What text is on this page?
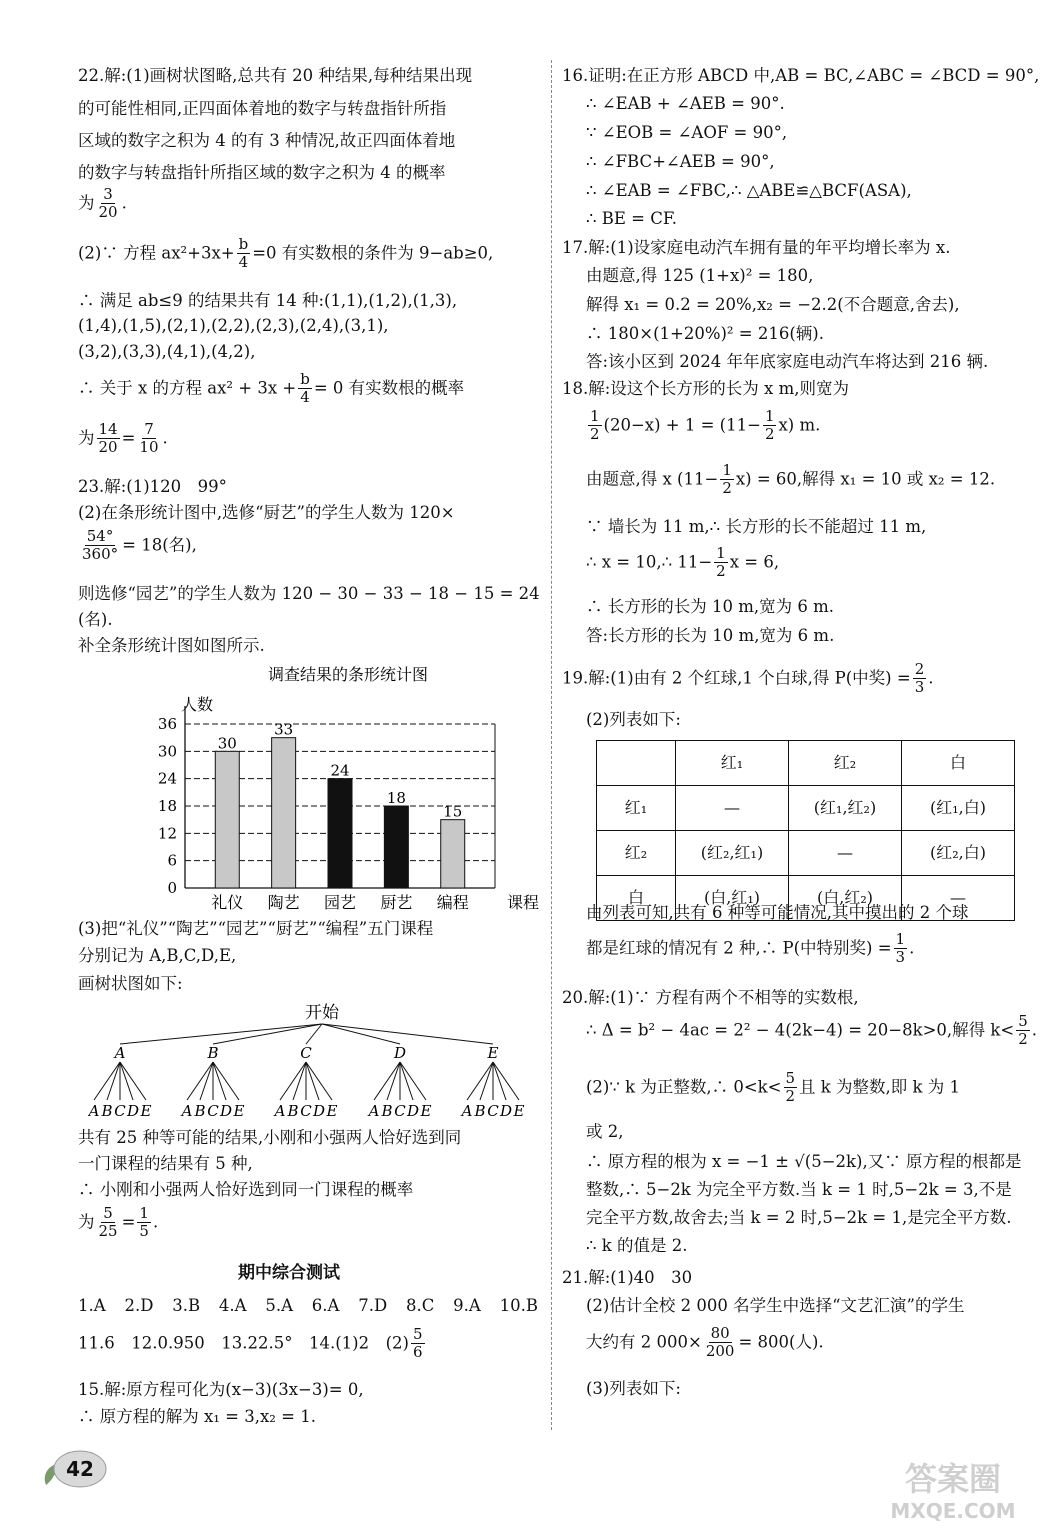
22.解:(1)画树状图略,总共有 20 种结果,每种结果出现
的可能性相同,正四面体着地的数字与转盘指针所指
区域的数字之积为 4 的有 3 种情况,故正四面体着地
的数字与转盘指针所指区域的数字之积为 4 的概率
为 $\frac{3}{20}$ .
(2)∵ 方程 $ax^2+3x+ \frac{b}{4} =0$ 有实数根的条件为 9−ab≥0,
∴ 满足 ab≤9 的结果共有 14 种:(1,1),(1,2),(1,3),
(1,4),(1,5),(2,1),(2,2),(2,3),(2,4),(3,1),
(3,2),(3,3),(4,1),(4,2),
∴ 关于 x 的方程 $ax^2 + 3x + \frac{b}{4} = 0$ 有实数根的概率
为 $\frac{14}{20} = \frac{7}{10}$ .
23.解:(1)120　99°
(2)在条形统计图中,选修“厨艺”的学生人数为 120×
$\frac{54^\circ}{360^\circ} = 18$(名),
则选修“园艺”的学生人数为 120 − 30 − 33 − 18 − 15 = 24
(名).
补全条形统计图如图所示.
调查结果的条形统计图
人数
0
6
12
18
24
30
36
30
礼仪
33
陶艺
24
园艺
18
厨艺
15
编程 课程
(3)把“礼仪”“陶艺”“园艺”“厨艺”“编程”五门课程
分别记为 A,B,C,D,E,
画树状图如下:
开始
A
A B C D E
B
A B C D E
C
A B C D E
D
A B C D E
E
A B C D E
共有 25 种等可能的结果,小刚和小强两人恰好选到同
一门课程的结果有 5 种,
∴ 小刚和小强两人恰好选到同一门课程的概率
为 $\frac{5}{25} = \frac{1}{5}$ .
期中综合测试
1.A 2.D 3.B 4.A 5.A 6.A 7.D 8.C 9.A 10.B
11.6　 12.0.950　 13.22.5°　 14.(1)2　$(2) \frac{5}{6}$
15.解:原方程可化为(x−3)(3x−3)= 0,
∴ 原方程的解为 x₁ = 3,x₂ = 1.
16.证明:在正方形 ABCD 中,AB = BC,∠ABC = ∠BCD = 90°,
∴ ∠EAB + ∠AEB = 90°.
∵ ∠EOB = ∠AOF = 90°,
∴ ∠FBC+∠AEB = 90°,
∴ ∠EAB = ∠FBC,∴ △ABE≌△BCF(ASA),
∴ BE = CF.
17.解:(1)设家庭电动汽车拥有量的年平均增长率为 x.
由题意,得 125 (1+x)² = 180,
解得 x₁ = 0.2 = 20%,x₂ = −2.2(不合题意,舍去),
∴ 180×(1+20%)² = 216(辆).
答:该小区到 2024 年年底家庭电动汽车将达到 216 辆.
18.解:设这个长方形的长为 x m,则宽为
$\frac{1}{2} (20-x) + 1 = (11- \frac{1}{2} x)$ m.
由题意,得 x $(11- \frac{1}{2} x) = 60$,解得 x₁ = 10 或 x₂ = 12.
∵ 墙长为 11 m,∴ 长方形的长不能超过 11 m,
∴ x = 10,∴ $11- \frac{1}{2}$ x = 6,
∴ 长方形的长为 10 m,宽为 6 m.
答:长方形的长为 10 m,宽为 6 m.
19.解:(1)由有 2 个红球,1 个白球,得 P(中奖) = $\frac{2}{3}$ .
(2)列表如下:
	红₁	红₂	白
红₁	—	(红₁,红₂)	(红₁,白)
红₂	(红₂,红₁)	—	(红₂,白)
白	(白,红₁)	(白,红₂)	—
由列表可知,共有 6 种等可能情况,其中摸出的 2 个球
都是红球的情况有 2 种,∴ P(中特别奖) = $\frac{1}{3}$ .
20.解:(1)∵ 方程有两个不相等的实数根,
∴ Δ = b² − 4ac = 2² − 4(2k−4) = 20−8k>0,解得 $k< \frac{5}{2}$ .
(2)∵ k 为正整数,∴ $0<k< \frac{5}{2}$ 且 k 为整数,即 k 为 1
或 2,
∴ 原方程的根为 x = −1 ± √(5−2k),又∵ 原方程的根都是
整数,∴ 5−2k 为完全平方数.当 k = 1 时,5−2k = 3,不是
完全平方数,故舍去;当 k = 2 时,5−2k = 1,是完全平方数.
∴ k 的值是 2.
21.解:(1)40　30
(2)估计全校 2 000 名学生中选择“文艺汇演”的学生
大约有 2 $000\times \frac{80}{200} = 800$(人).
(3)列表如下:
42	答案圈
MXQE.COM
